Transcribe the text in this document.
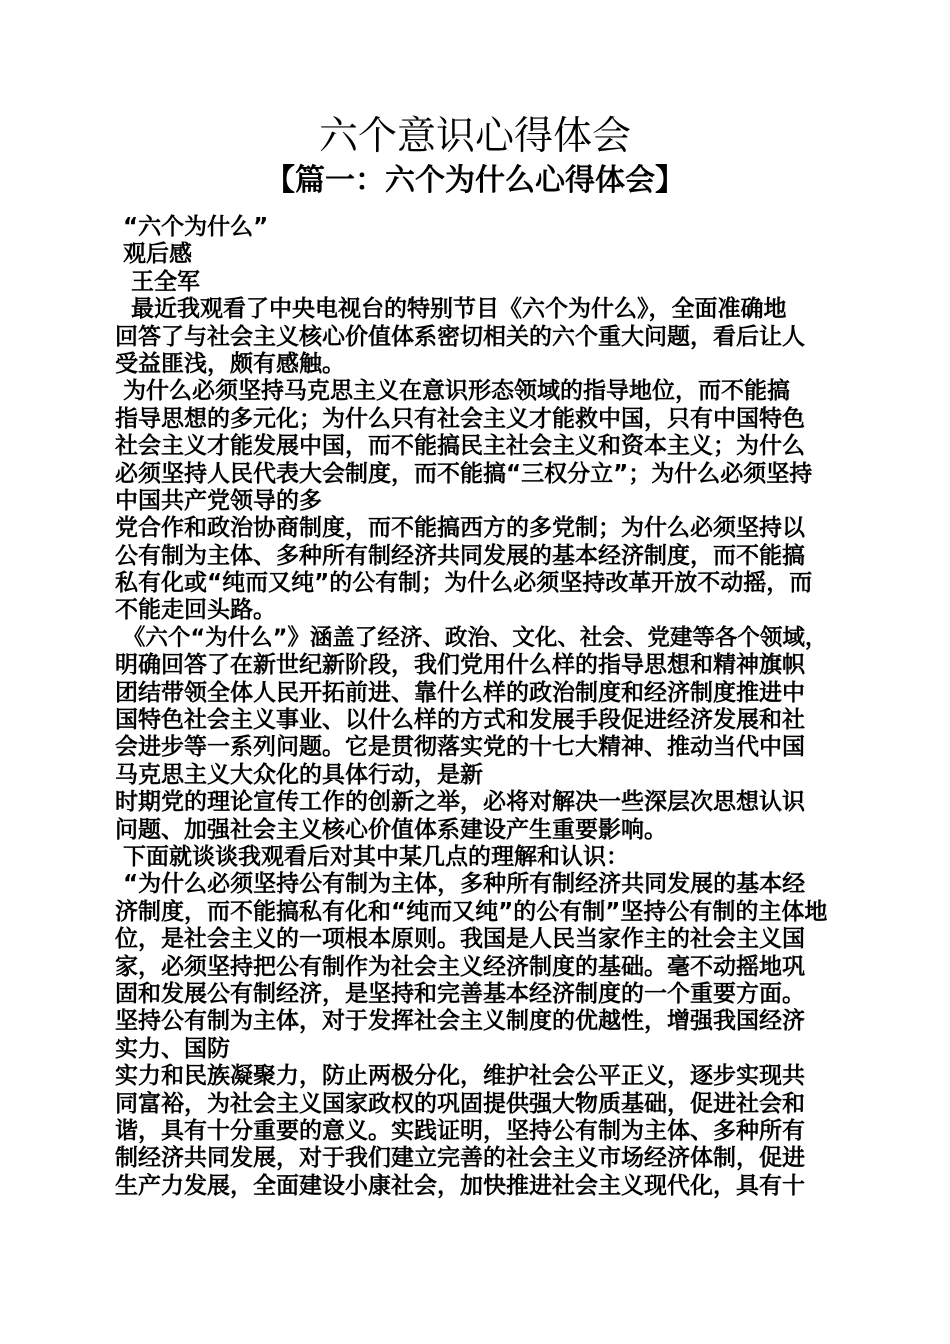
六个意识心得体会
【篇一：六个为什么心得体会】
“六个为什么”
观后感
王全军
最近我观看了中央电视台的特别节目《六个为什么》，全面准确地
回答了与社会主义核心价值体系密切相关的六个重大问题，看后让人
受益匪浅，颇有感触。
为什么必须坚持马克思主义在意识形态领域的指导地位，而不能搞
指导思想的多元化；为什么只有社会主义才能救中国，只有中国特色
社会主义才能发展中国，而不能搞民主社会主义和资本主义；为什么
必须坚持人民代表大会制度，而不能搞“三权分立”；为什么必须坚持
中国共产党领导的多
党合作和政治协商制度，而不能搞西方的多党制；为什么必须坚持以
公有制为主体、多种所有制经济共同发展的基本经济制度，而不能搞
私有化或“纯而又纯”的公有制；为什么必须坚持改革开放不动摇，而
不能走回头路。
《六个“为什么”》涵盖了经济、政治、文化、社会、党建等各个领域，
明确回答了在新世纪新阶段，我们党用什么样的指导思想和精神旗帜
团结带领全体人民开拓前进、靠什么样的政治制度和经济制度推进中
国特色社会主义事业、以什么样的方式和发展手段促进经济发展和社
会进步等一系列问题。它是贯彻落实党的十七大精神、推动当代中国
马克思主义大众化的具体行动，是新
时期党的理论宣传工作的创新之举，必将对解决一些深层次思想认识
问题、加强社会主义核心价值体系建设产生重要影响。
下面就谈谈我观看后对其中某几点的理解和认识：
“为什么必须坚持公有制为主体，多种所有制经济共同发展的基本经
济制度，而不能搞私有化和“纯而又纯”的公有制”坚持公有制的主体地
位，是社会主义的一项根本原则。我国是人民当家作主的社会主义国
家，必须坚持把公有制作为社会主义经济制度的基础。毫不动摇地巩
固和发展公有制经济，是坚持和完善基本经济制度的一个重要方面。
坚持公有制为主体，对于发挥社会主义制度的优越性，增强我国经济
实力、国防
实力和民族凝聚力，防止两极分化，维护社会公平正义，逐步实现共
同富裕，为社会主义国家政权的巩固提供强大物质基础，促进社会和
谐，具有十分重要的意义。实践证明，坚持公有制为主体、多种所有
制经济共同发展，对于我们建立完善的社会主义市场经济体制，促进
生产力发展，全面建设小康社会，加快推进社会主义现代化，具有十
